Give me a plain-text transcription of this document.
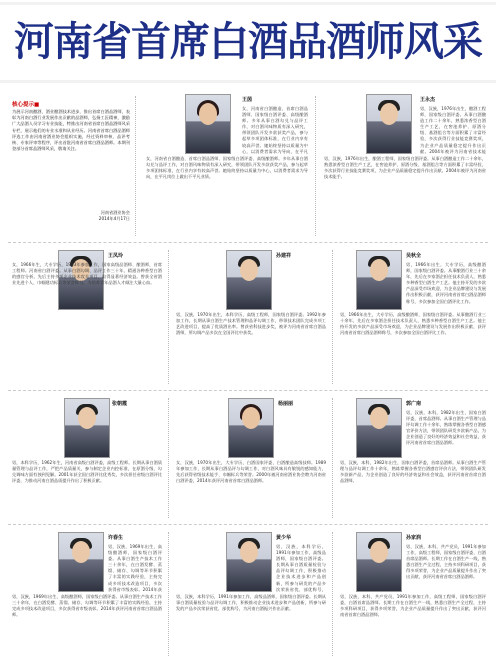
河南省首席白酒品酒师风采
核心提示■
为展示河南酿酒、酒业酿酒技术进步，推出首席白酒品酒师，表彰为河南白酒行业发展作出贡献的品酒师，弘扬工匠精神，激励广大品酒人员学习专业技能，特推出河南省首席白酒品酒师风采专栏，展示他们的专业水准和从业经历。河南省首席白酒品酒师评选工作由河南省酒业协会组织实施，经过资料审核、品评考核、专家评审等程序，评出首批河南省首席白酒品酒师。本期刊登部分首席品酒师风采，敬请关注。
河南省酒业协会
2014年4月17日
王茵
女，河南省白酒酿造、首席白酒品酒师、国家级白酒评委、高级酿酒师。多年从事白酒勾兑与品评工作，对白酒风味物质有深入研究，带领团队开发多款获奖产品，参与起草多项团体标准，在行业内享有较高声誉。她始终坚持以质量为中心，以消费者需求为导向，在平凡
女，河南省白酒酿造、首席白酒品酒师、国家级白酒评委、高级酿酒师。多年从事白酒勾兑与品评工作，对白酒风味物质有深入研究，带领团队开发多款获奖产品，参与起草多项团体标准，在行业内享有较高声誉。她始终坚持以质量为中心，以消费者需求为导向，在平凡岗位上做出不平凡业绩。
王永杰
男，汉族，1976年出生，酿酒工程师，国家级白酒评委。从事白酒酿造工作二十余年，熟悉浓香型白酒生产工艺，在窖池养护、原酒分级、基酒组合等方面积累了丰富经验，多次获得行业技能竞赛奖项，为企业产品质量稳定提升作出贡献。2004年被评为河南省技术能
男，汉族，1976年出生，酿酒工程师，国家级白酒评委。从事白酒酿造工作二十余年，熟悉浓香型白酒生产工艺，在窖池养护、原酒分级、基酒组合等方面积累了丰富经验，多次获得行业技能竞赛奖项，为企业产品质量稳定提升作出贡献。2004年被评为河南省技术能手。
王凤玲
女，1966年生，大专学历，1983年参加工作，国家高级品酒师、酿酒师，首席工程师。河南省白酒评委。从事白酒勾调、品评工作三十年，精通各种香型白酒的感官分析，先后主持多项企业技术攻关项目，取得显著经济效益。曾获全省酒业先进个人、巾帼建功标兵等荣誉称号，为培养青年品酒人才倾注大量心血。
孙建祥
男，汉族，1970年出生，本科学历，高级工程师，国家级白酒评委。1992年参加工作，长期从事白酒生产技术管理和品评勾调工作，带领技术团队完成多项工艺改进项目，提高了优质酒出率。曾获省科技进步奖，被评为河南省首席白酒品酒师，所勾调产品多次在全国评比中获奖。
吴秋全
男，1966年出生，大专学历，高级酿酒师，国家级白酒评委。从事酿酒行业三十余年，先后在多家酒企担任技术负责人，熟悉多种香型白酒生产工艺。他主持开发的多款产品深受市场欢迎，为企业品牌建设与发展作出积极贡献，获评河南省首席白酒品酒师称号，多次参加全国白酒评比工作。
男，1966年出生，大专学历，高级酿酒师，国家级白酒评委。从事酿酒行业三十余年，先后在多家酒企担任技术负责人，熟悉多种香型白酒生产工艺。他主持开发的多款产品深受市场欢迎，为企业品牌建设与发展作出积极贡献，获评河南省首席白酒品酒师称号，多次参加全国白酒评比工作。
张朝霞
男，本科学历，1962年生，河南省高级白酒评委，高级工程师。长期从事白酒质量管理与品评工作，严把产品质量关，参与制定企业内控标准，在原酒分级、勾兑调味方面有独到见解。2001年获全国白酒评比优秀奖，多次担任省级白酒评比评委，为推动河南白酒品质提升作出了积极贡献。
杨丽丽
女，汉族，1970年出生，大专学历，白酒国家评委，白酒酿造高级技师。1989年参加工作，长期从事白酒品评与勾调工作，对白酒风味具有敏锐的感知能力，先后获得省级技术能手、巾帼标兵等荣誉。2000年被河南省酒业协会聘为河南省白酒评委，2014年获评河南省首席白酒品酒师。
郭广南
男，汉族，本科，1982年出生，国家白酒评委，首席品酒师。从事白酒生产管理与品评勾调工作十余年，熟练掌握各香型白酒感官评价方法，带领团队研发多款新产品，为企业创造了良好的经济效益和社会效益，获评河南省首席白酒品酒师。
男，汉族，本科，1982年出生，国家白酒评委，首席品酒师。从事白酒生产管理与品评勾调工作十余年，熟练掌握各香型白酒感官评价方法，带领团队研发多款新产品，为企业创造了良好的经济效益和社会效益，获评河南省首席白酒品酒师。
许春生
男，汉族，1969年出生，高级酿酒师，国家级白酒评委。从事白酒生产技术工作三十余年，在白酒发酵、蒸馏、储存、勾调等环节积累了丰富的实践经验，主持完成多项技术改造项目，多次获得省市级表彰。2014年获
男，汉族，1969年出生，高级酿酒师，国家级白酒评委。从事白酒生产技术工作三十余年，在白酒发酵、蒸馏、储存、勾调等环节积累了丰富的实践经验，主持完成多项技术改造项目，多次获得省市级表彰。2014年获评河南省首席白酒品酒师。
黄少华
男，汉族，本科学历，1991年参加工作，高级品酒师，国家级白酒评委。长期从事白酒质量检验与品评勾调工作，积极推动企业技术进步和产品创新，所参与研发的产品多次荣获省优、部优称号，
男，汉族，本科学历，1991年参加工作，高级品酒师，国家级白酒评委。长期从事白酒质量检验与品评勾调工作，积极推动企业技术进步和产品创新，所参与研发的产品多次荣获省优、部优称号，为河南白酒振兴作出贡献。
孙家润
男，汉族，本科，共产党员，1991年参加工作，高级工程师，国家级白酒评委，白酒首席品酒师。长期工作在白酒生产一线，熟悉白酒生产全过程，主持多项科研项目，获得多项荣誉，为企业产品质量提升作出了突出贡献，获评河南省首席白酒品酒师。
男，汉族，本科，共产党员，1991年参加工作，高级工程师，国家级白酒评委，白酒首席品酒师。长期工作在白酒生产一线，熟悉白酒生产全过程，主持多项科研项目，获得多项荣誉，为企业产品质量提升作出了突出贡献，获评河南省首席白酒品酒师。
